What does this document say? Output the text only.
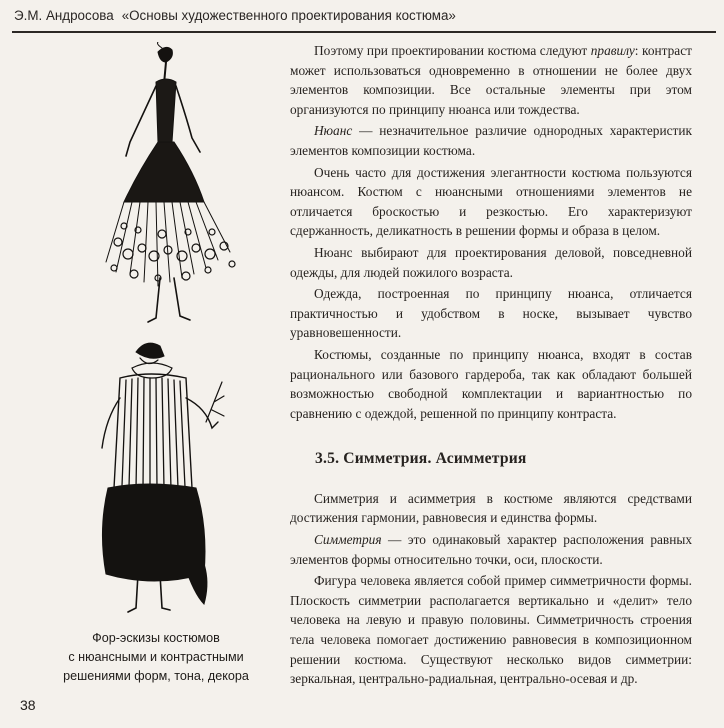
Э.М. Андросова «Основы художественного проектирования костюма»
Фор-эскизы костюмов
с нюансными и контрастными
решениями форм, тона, декора
38

Поэтому при проектировании костюма следуют правилу: контраст может использоваться одновременно в отношении не более двух элементов композиции. Все остальные элементы при этом организуются по принципу нюанса или тождества.

Нюанс — незначительное различие однородных характеристик элементов композиции костюма.

Очень часто для достижения элегантности костюма пользуются нюансом. Костюм с нюансными отношениями элементов не отличается броскостью и резкостью. Его характеризуют сдержанность, деликатность в решении формы и образа в целом.

Нюанс выбирают для проектирования деловой, повседневной одежды, для людей пожилого возраста.

Одежда, построенная по принципу нюанса, отличается практичностью и удобством в носке, вызывает чувство уравновешенности.

Костюмы, созданные по принципу нюанса, входят в состав рационального или базового гардероба, так как обладают большей возможностью свободной комплектации и вариантностью по сравнению с одеждой, решенной по принципу контраста.

3.5. Симметрия. Асимметрия

Симметрия и асимметрия в костюме являются средствами достижения гармонии, равновесия и единства формы.

Симметрия — это одинаковый характер расположения равных элементов формы относительно точки, оси, плоскости.

Фигура человека является собой пример симметричности формы. Плоскость симметрии располагается вертикально и «делит» тело человека на левую и правую половины. Симметричность строения тела человека помогает достижению равновесия в композиционном решении костюма. Существуют несколько видов симметрии: зеркальная, центрально-радиальная, центрально-осевая и др.
